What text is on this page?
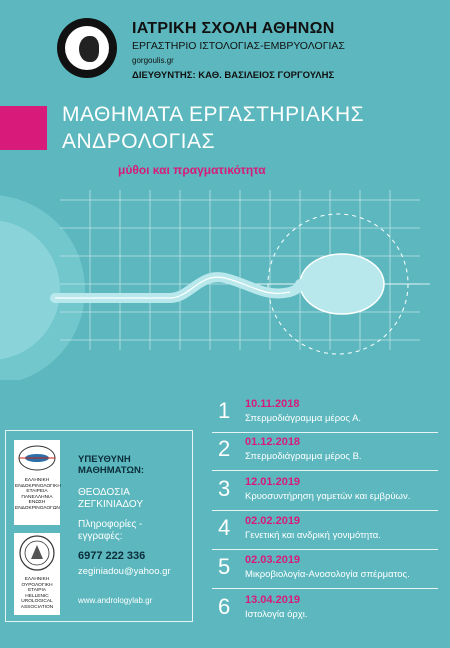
ΙΑΤΡΙΚΗ ΣΧΟΛΗ ΑΘΗΝΩΝ
ΕΡΓΑΣΤΗΡΙΟ ΙΣΤΟΛΟΓΙΑΣ-ΕΜΒΡΥΟΛΟΓΙΑΣ
gorgoulis.gr
ΔΙΕΥΘΥΝΤΗΣ: ΚΑΘ. ΒΑΣΙΛΕΙΟΣ ΓΟΡΓΟΥΛΗΣ
ΜΑΘΗΜΑΤΑ ΕΡΓΑΣΤΗΡΙΑΚΗΣ
ΑΝΔΡΟΛΟΓΙΑΣ
μύθοι και πραγματικότητα
ΕΛΛΗΝΙΚΗ
ΕΝΔΟΚΡΙΝΟΛΟΓΙΚΗ
ΕΤΑΙΡΕΙΑ
ΠΑΝΕΛΛΗΝΙΑ
ΕΝΩΣΗ
ΕΝΔΟΚΡΙΝΟΛΟΓΩΝ
ΕΛΛΗΝΙΚΗ
ΟΥΡΟΛΟΓΙΚΗ
ΕΤΑΙΡΙΑ
HELLENIC
UROLOGICAL
ASSOCIATION
ΥΠΕΥΘΥΝΗ
ΜΑΘΗΜΑΤΩΝ:
ΘΕΟΔΟΣΙΑ
ΖΕΓΚΙΝΙΑΔΟΥ
Πληροφορίες -
εγγραφές:
6977 222 336
zeginiadou@yahoo.gr
www.andrologylab.gr
1 10.11.2018
Σπερμοδιάγραμμα μέρος Α.
2 01.12.2018
Σπερμοδιάγραμμα μέρος Β.
3 12.01.2019
Κρυοσυντήρηση γαμετών και εμβρύων.
4 02.02.2019
Γενετική και ανδρική γονιμότητα.
5 02.03.2019
Μικροβιολογία-Ανοσολογία σπέρματος.
6 13.04.2019
Ιστολογία όρχι.
